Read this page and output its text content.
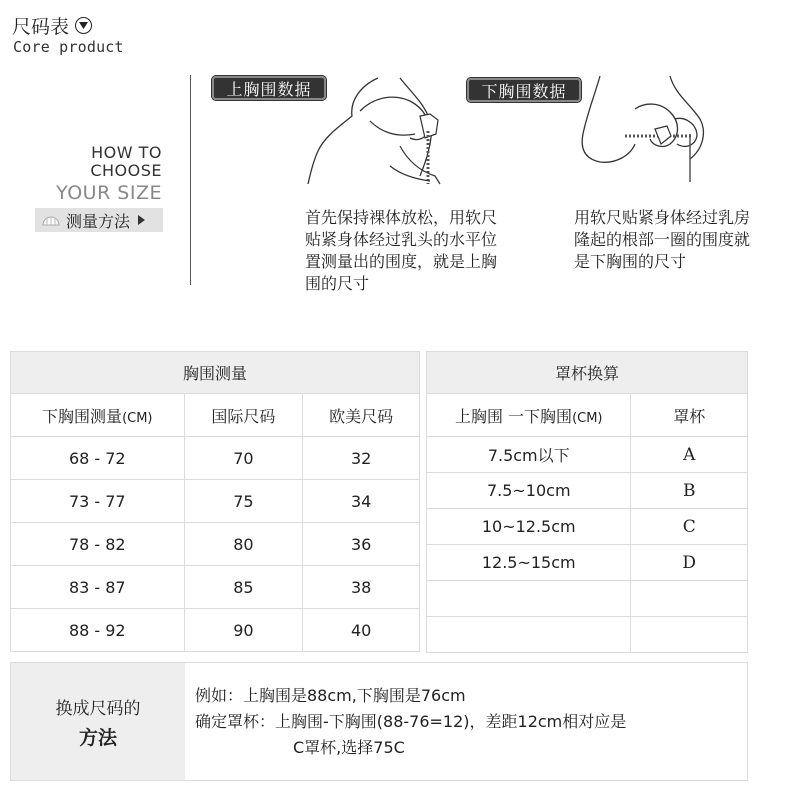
尺码表
Core product
HOW TO
CHOOSE
YOUR SIZE
测量方法
上胸围数据
首先保持裸体放松，用软尺贴紧身体经过乳头的水平位置测量出的围度，就是上胸围的尺寸
下胸围数据
用软尺贴紧身体经过乳房隆起的根部一圈的围度就是下胸围的尺寸
胸围测量		
下胸围测量(CM)	国际尺码	欧美尺码
68 - 72	70	32
73 - 77	75	34
78 - 82	80	36
83 - 87	85	38
88 - 92	90	40
罩杯换算	
上胸围 一下胸围(CM)	罩杯
7.5cm以下	A
7.5~10cm	B
10~12.5cm	C
12.5~15cm	D

换成尺码的
方法
例如：上胸围是88cm,下胸围是76cm
确定罩杯：上胸围-下胸围(88-76=12)，差距12cm相对应是
C罩杯,选择75C
